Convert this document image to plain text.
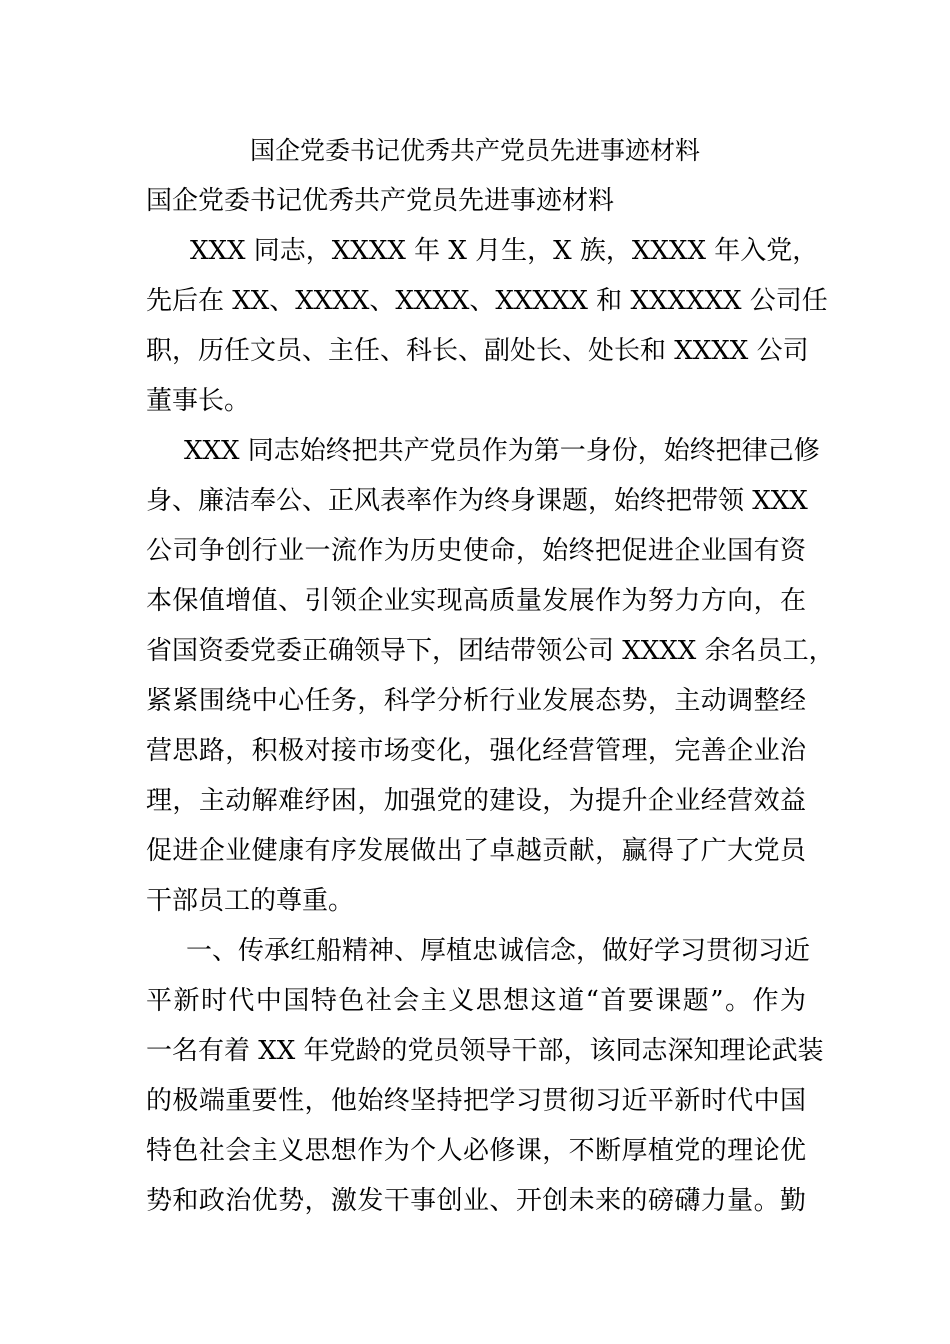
国企党委书记优秀共产党员先进事迹材料
国企党委书记优秀共产党员先进事迹材料
XXX 同志，XXXX 年 X 月生，X 族，XXXX 年入党，
先后在 XX、XXXX、XXXX、XXXXX 和 XXXXXX 公司任
职，历任文员、主任、科长、副处长、处长和 XXXX 公司
董事长。
XXX 同志始终把共产党员作为第一身份，始终把律己修
身、廉洁奉公、正风表率作为终身课题，始终把带领 XXX
公司争创行业一流作为历史使命，始终把促进企业国有资
本保值增值、引领企业实现高质量发展作为努力方向，在
省国资委党委正确领导下，团结带领公司 XXXX 余名员工，
紧紧围绕中心任务，科学分析行业发展态势，主动调整经
营思路，积极对接市场变化，强化经营管理，完善企业治
理，主动解难纾困，加强党的建设，为提升企业经营效益
促进企业健康有序发展做出了卓越贡献，赢得了广大党员
干部员工的尊重。
一、传承红船精神、厚植忠诚信念，做好学习贯彻习近
平新时代中国特色社会主义思想这道“首要课题”。作为
一名有着 XX 年党龄的党员领导干部，该同志深知理论武装
的极端重要性，他始终坚持把学习贯彻习近平新时代中国
特色社会主义思想作为个人必修课，不断厚植党的理论优
势和政治优势，激发干事创业、开创未来的磅礴力量。勤
